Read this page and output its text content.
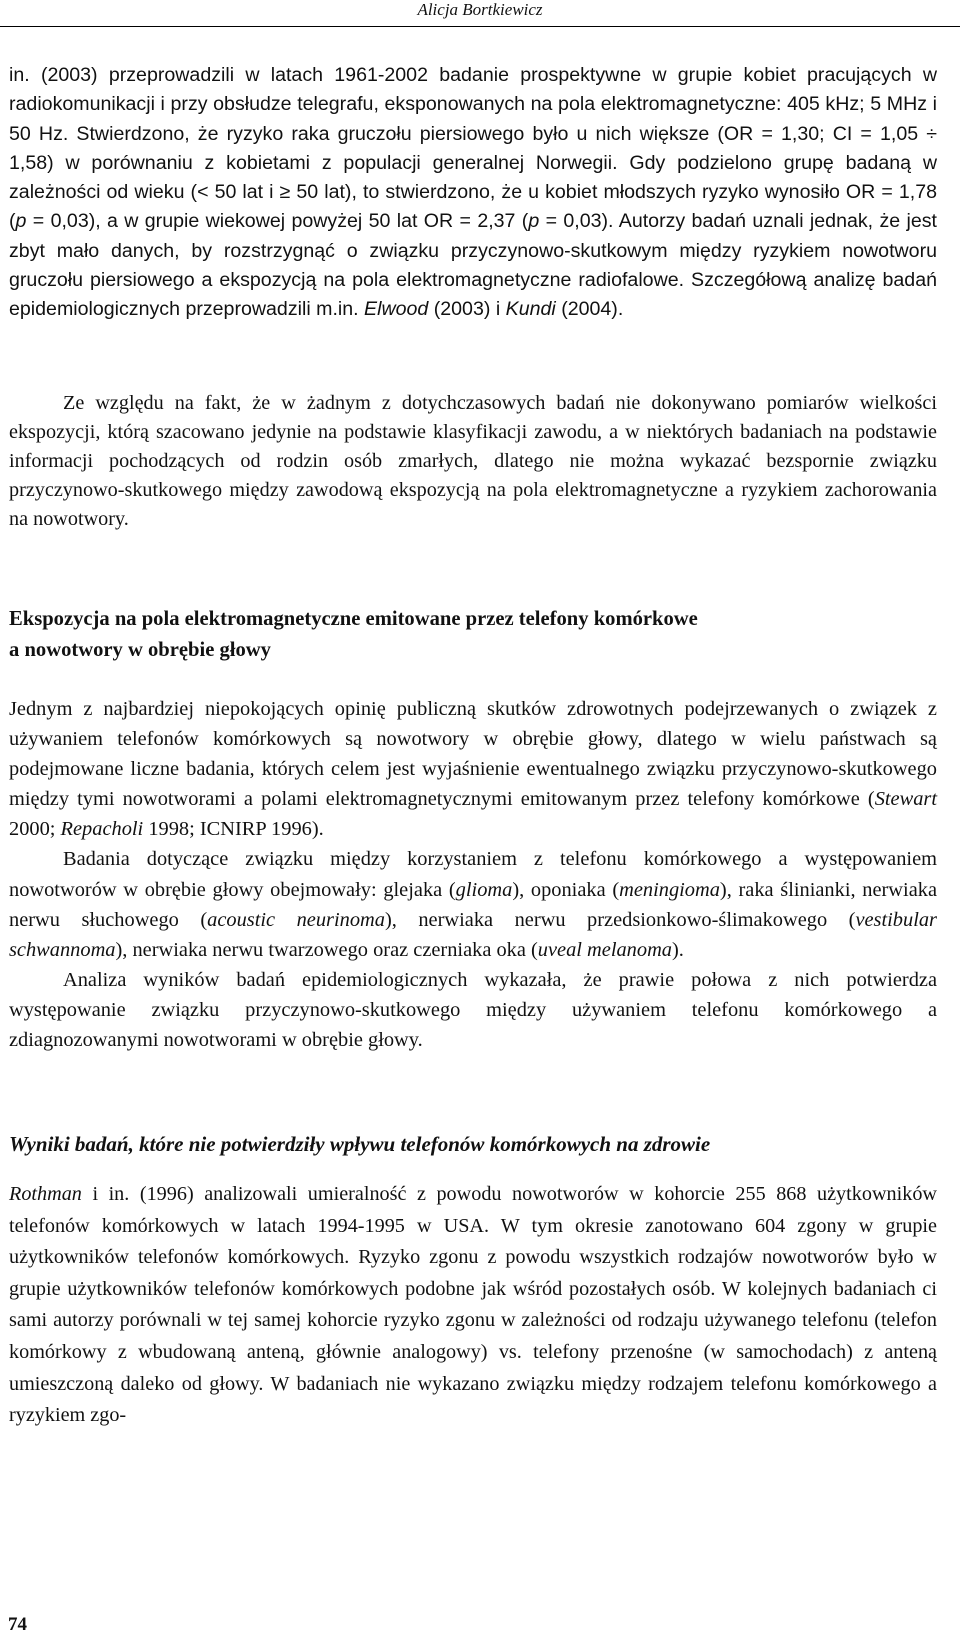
Alicja Bortkiewicz

in. (2003) przeprowadzili w latach 1961-2002 badanie prospektywne w grupie kobiet pracujących w radiokomunikacji i przy obsłudze telegrafu, eksponowanych na pola elektromagnetyczne: 405 kHz; 5 MHz i 50 Hz. Stwierdzono, że ryzyko raka gruczołu piersiowego było u nich większe (OR = 1,30; CI = 1,05 ÷ 1,58) w porównaniu z kobietami z populacji generalnej Norwegii. Gdy podzielono grupę badaną w zależności od wieku (< 50 lat i ≥ 50 lat), to stwierdzono, że u kobiet młodszych ryzyko wynosiło OR = 1,78 (p = 0,03), a w grupie wiekowej powyżej 50 lat OR = 2,37 (p = 0,03). Autorzy badań uznali jednak, że jest zbyt mało danych, by rozstrzygnąć o związku przyczynowo-skutkowym między ryzykiem nowotworu gruczołu piersiowego a ekspozycją na pola elektromagnetyczne radiofalowe. Szczegółową analizę badań epidemiologicznych przeprowadzili m.in. Elwood (2003) i Kundi (2004).

Ze względu na fakt, że w żadnym z dotychczasowych badań nie dokonywano pomiarów wielkości ekspozycji, którą szacowano jedynie na podstawie klasyfikacji zawodu, a w niektórych badaniach na podstawie informacji pochodzących od rodzin osób zmarłych, dlatego nie można wykazać bezspornie związku przyczynowo-skutkowego między zawodową ekspozycją na pola elektromagnetyczne a ryzykiem zachorowania na nowotwory.

Ekspozycja na pola elektromagnetyczne emitowane przez telefony komórkowe
a nowotwory w obrębie głowy

Jednym z najbardziej niepokojących opinię publiczną skutków zdrowotnych podejrzewanych o związek z używaniem telefonów komórkowych są nowotwory w obrębie głowy, dlatego w wielu państwach są podejmowane liczne badania, których celem jest wyjaśnienie ewentualnego związku przyczynowo-skutkowego między tymi nowotworami a polami elektromagnetycznymi emitowanym przez telefony komórkowe (Stewart 2000; Repacholi 1998; ICNIRP 1996).

Badania dotyczące związku między korzystaniem z telefonu komórkowego a występowaniem nowotworów w obrębie głowy obejmowały: glejaka (glioma), oponiaka (meningioma), raka ślinianki, nerwiaka nerwu słuchowego (acoustic neurinoma), nerwiaka nerwu przedsionkowo-ślimakowego (vestibular schwannoma), nerwiaka nerwu twarzowego oraz czerniaka oka (uveal melanoma).

Analiza wyników badań epidemiologicznych wykazała, że prawie połowa z nich potwierdza występowanie związku przyczynowo-skutkowego między używaniem telefonu komórkowego a zdiagnozowanymi nowotworami w obrębie głowy.

Wyniki badań, które nie potwierdziły wpływu telefonów komórkowych na zdrowie

Rothman i in. (1996) analizowali umieralność z powodu nowotworów w kohorcie 255 868 użytkowników telefonów komórkowych w latach 1994-1995 w USA. W tym okresie zanotowano 604 zgony w grupie użytkowników telefonów komórkowych. Ryzyko zgonu z powodu wszystkich rodzajów nowotworów było w grupie użytkowników telefonów komórkowych podobne jak wśród pozostałych osób. W kolejnych badaniach ci sami autorzy porównali w tej samej kohorcie ryzyko zgonu w zależności od rodzaju używanego telefonu (telefon komórkowy z wbudowaną anteną, głównie analogowy) vs. telefony przenośne (w samochodach) z anteną umieszczoną daleko od głowy. W badaniach nie wykazano związku między rodzajem telefonu komórkowego a ryzykiem zgo-

74
